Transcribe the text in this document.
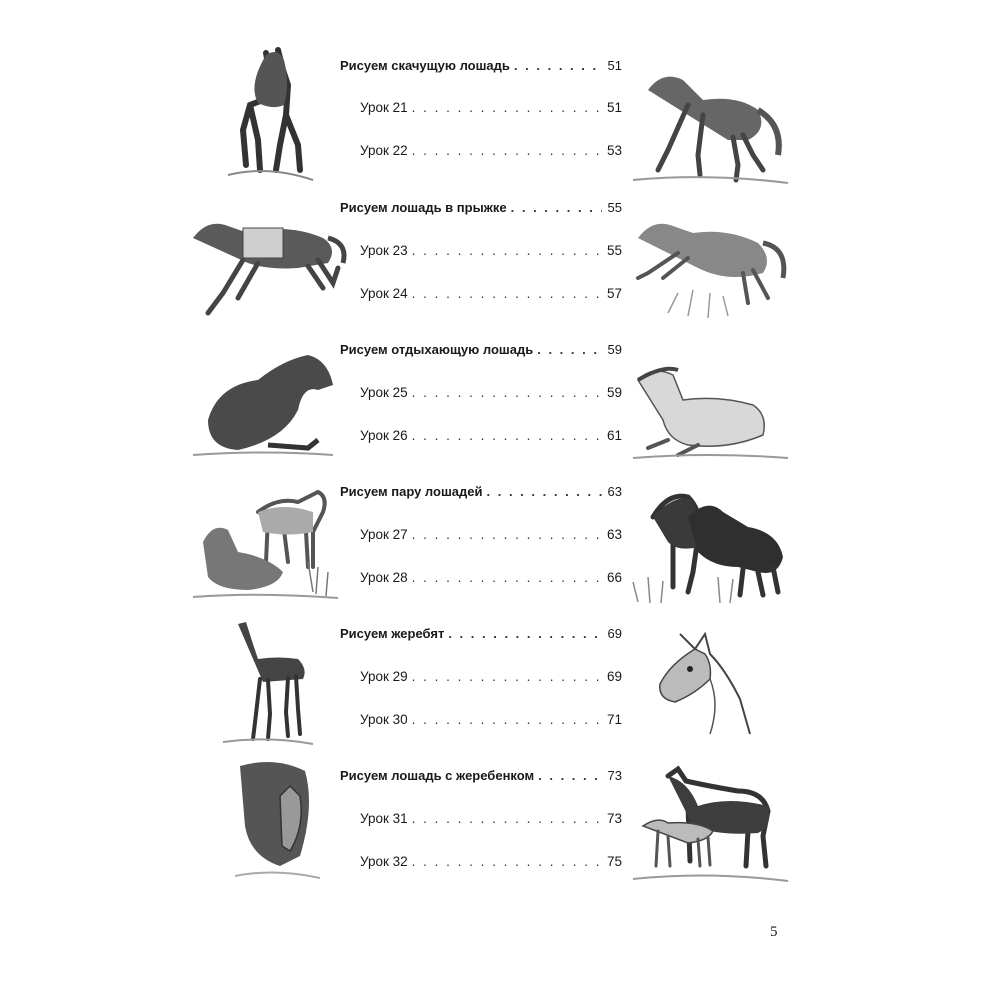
Рисуем скачущую лошадь . . .	51
Урок 21 . . .	51
Урок 22 . . .	53
Рисуем лошадь в прыжке . . .	55
Урок 23 . . .	55
Урок 24 . . .	57
Рисуем отдыхающую лошадь . . .	59
Урок 25 . . .	59
Урок 26 . . .	61
Рисуем пару лошадей . . .	63
Урок 27 . . .	63
Урок 28 . . .	66
Рисуем жеребят . . .	69
Урок 29 . . .	69
Урок 30 . . .	71
Рисуем лошадь с жеребенком . . .	73
Урок 31 . . .	73
Урок 32 . . .	75
5
